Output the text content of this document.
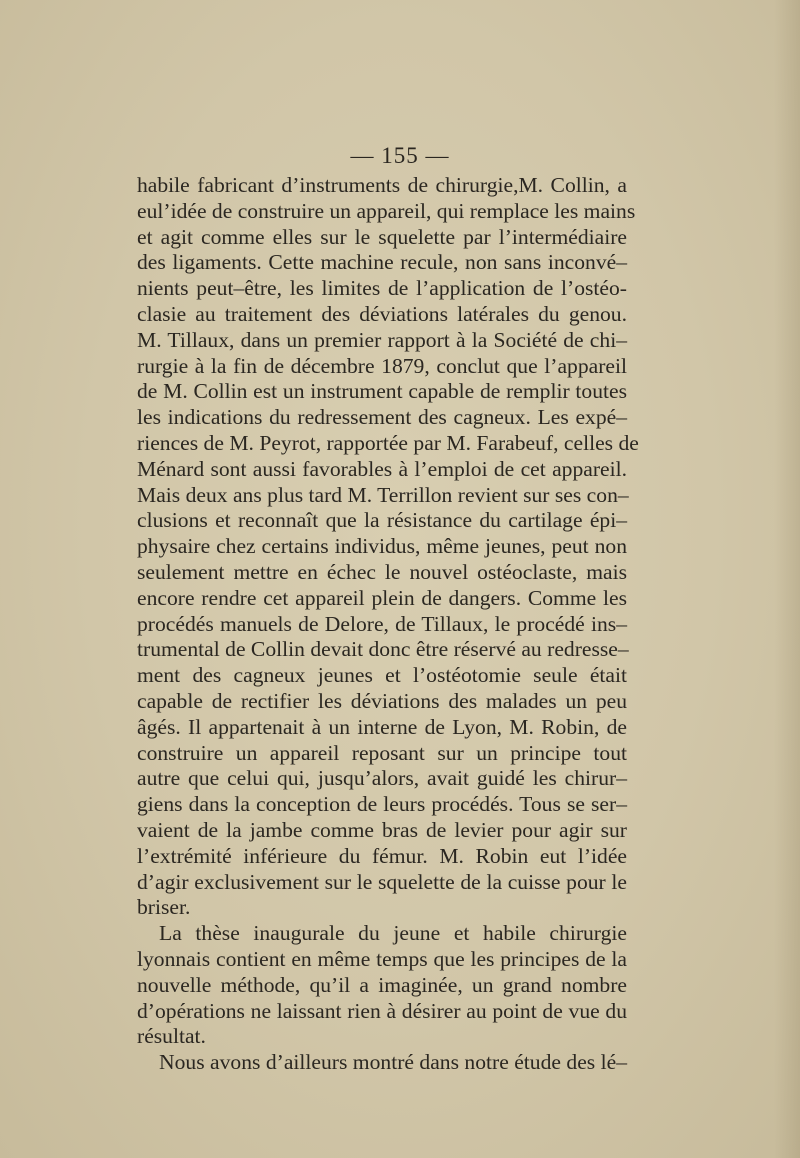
— 155 —
habile fabricant d’instruments de chirurgie,M. Collin, a
eul’idée de construire un appareil, qui remplace les mains
et agit comme elles sur le squelette par l’intermédiaire
des ligaments. Cette machine recule, non sans inconvé–
nients peut–être, les limites de l’application de l’ostéo-
clasie au traitement des déviations latérales du genou.
M. Tillaux, dans un premier rapport à la Société de chi–
rurgie à la fin de décembre 1879, conclut que l’appareil
de M. Collin est un instrument capable de remplir toutes
les indications du redressement des cagneux. Les expé–
riences de M. Peyrot, rapportée par M. Farabeuf, celles de
Ménard sont aussi favorables à l’emploi de cet appareil.
Mais deux ans plus tard M. Terrillon revient sur ses con–
clusions et reconnaît que la résistance du cartilage épi–
physaire chez certains individus, même jeunes, peut non
seulement mettre en échec le nouvel ostéoclaste, mais
encore rendre cet appareil plein de dangers. Comme les
procédés manuels de Delore, de Tillaux, le procédé ins–
trumental de Collin devait donc être réservé au redresse–
ment des cagneux jeunes et l’ostéotomie seule était
capable de rectifier les déviations des malades un peu
âgés. Il appartenait à un interne de Lyon, M. Robin, de
construire un appareil reposant sur un principe tout
autre que celui qui, jusqu’alors, avait guidé les chirur–
giens dans la conception de leurs procédés. Tous se ser–
vaient de la jambe comme bras de levier pour agir sur
l’extrémité inférieure du fémur. M. Robin eut l’idée
d’agir exclusivement sur le squelette de la cuisse pour le
briser.
La thèse inaugurale du jeune et habile chirurgie
lyonnais contient en même temps que les principes de la
nouvelle méthode, qu’il a imaginée, un grand nombre
d’opérations ne laissant rien à désirer au point de vue du
résultat.
Nous avons d’ailleurs montré dans notre étude des lé–
